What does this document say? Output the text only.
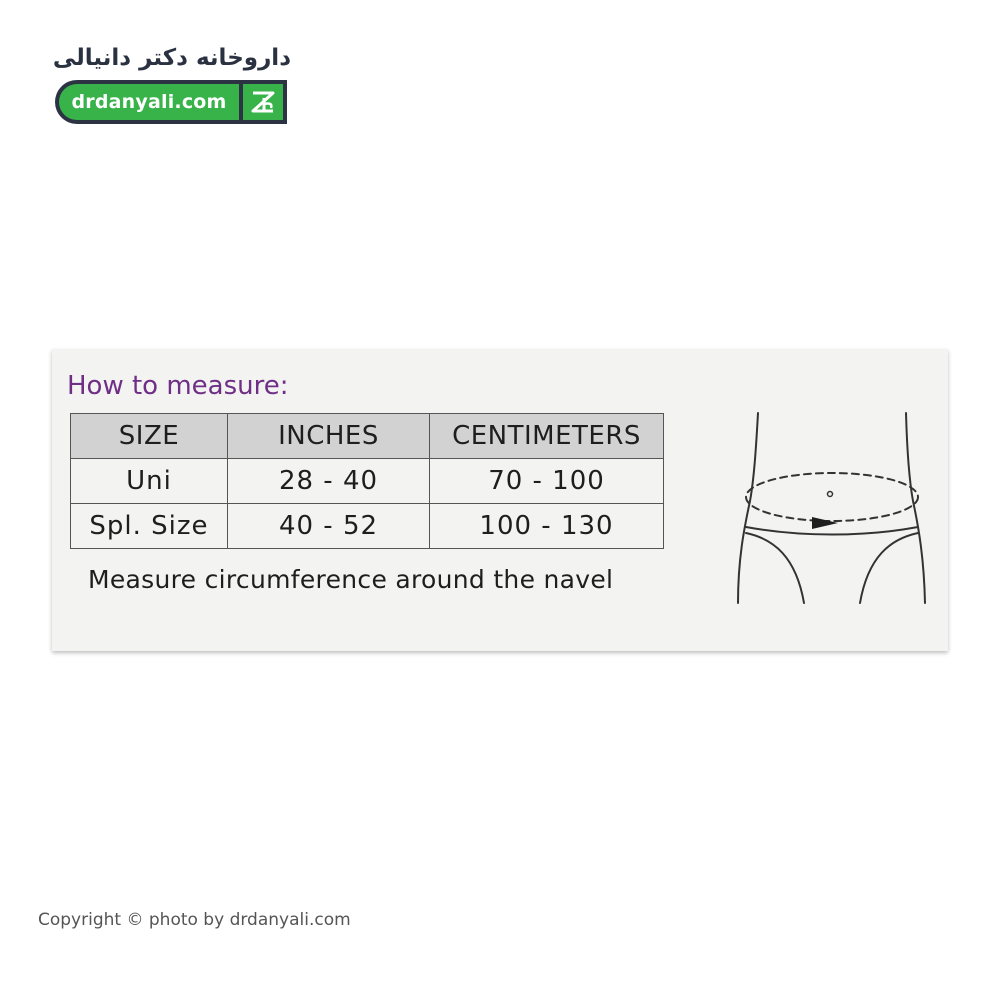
داروخانه دکتر دانیالی
drdanyali.com
How to measure:
SIZE	INCHES	CENTIMETERS
Uni	28 - 40	70 - 100
Spl. Size	40 - 52	100 - 130
Measure circumference around the navel
Copyright © photo by drdanyali.com
